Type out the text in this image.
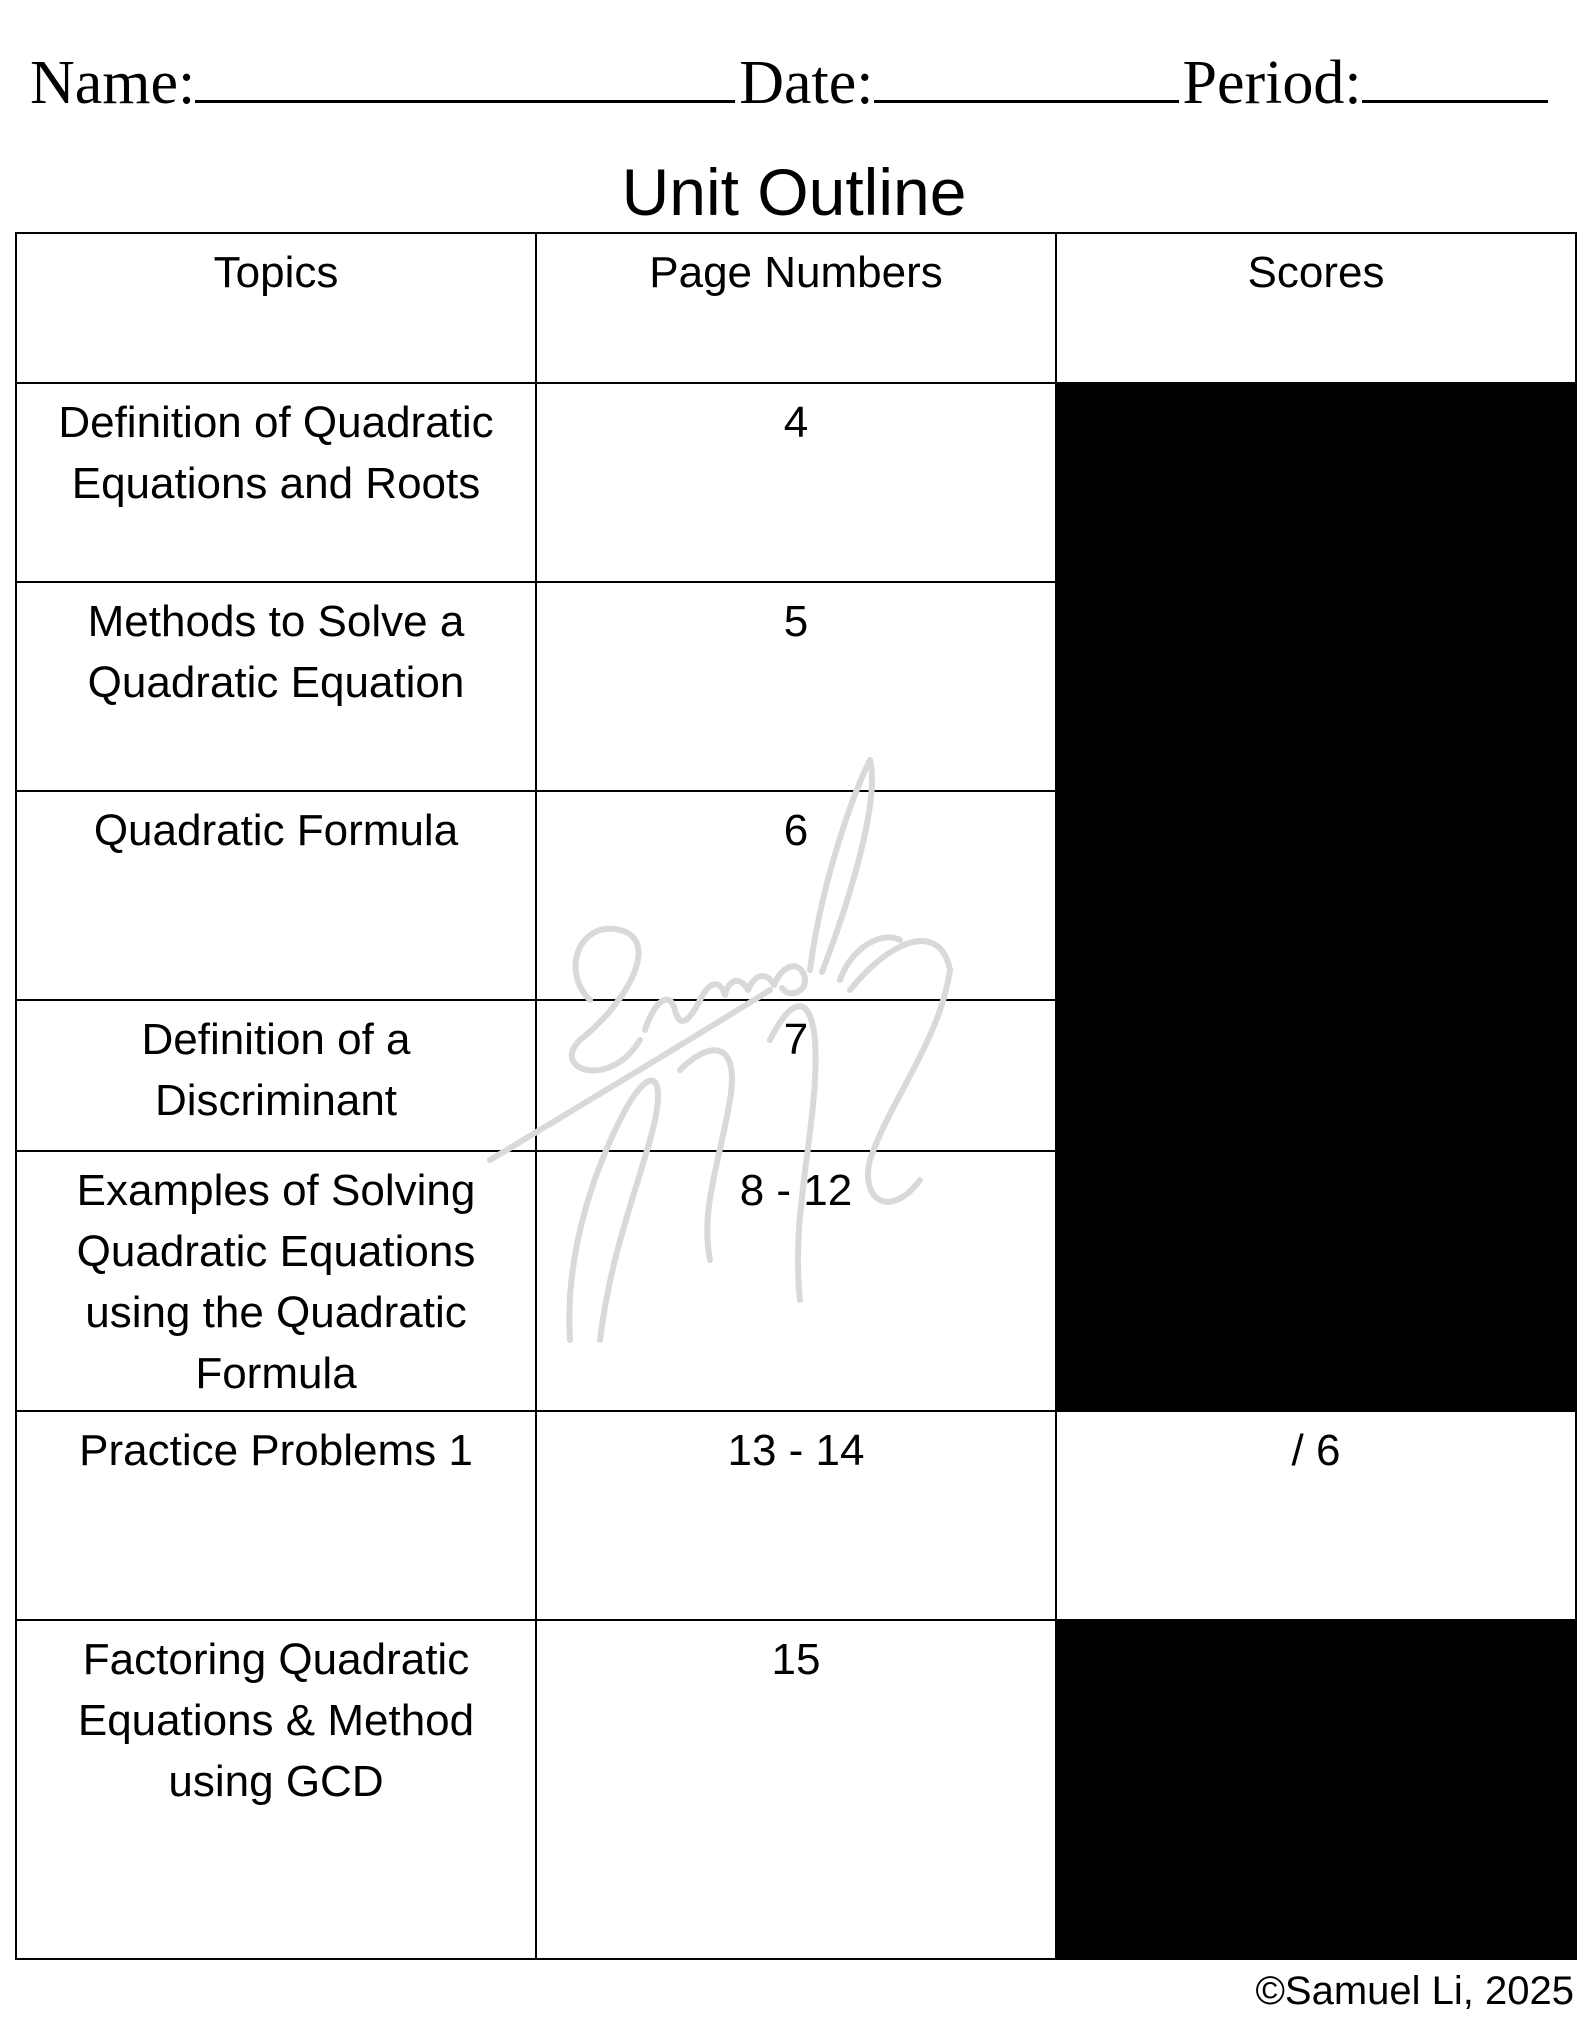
Name:	Date:	Period:
Unit Outline
Topics	Page Numbers	Scores
Definition of Quadratic Equations and Roots	4	
Methods to Solve a Quadratic Equation	5	
Quadratic Formula	6	
Definition of a Discriminant	7	
Examples of Solving Quadratic Equations using the Quadratic Formula	8 - 12	
Practice Problems 1	13 - 14	/ 6
Factoring Quadratic Equations & Method using GCD	15	
©Samuel Li, 2025
